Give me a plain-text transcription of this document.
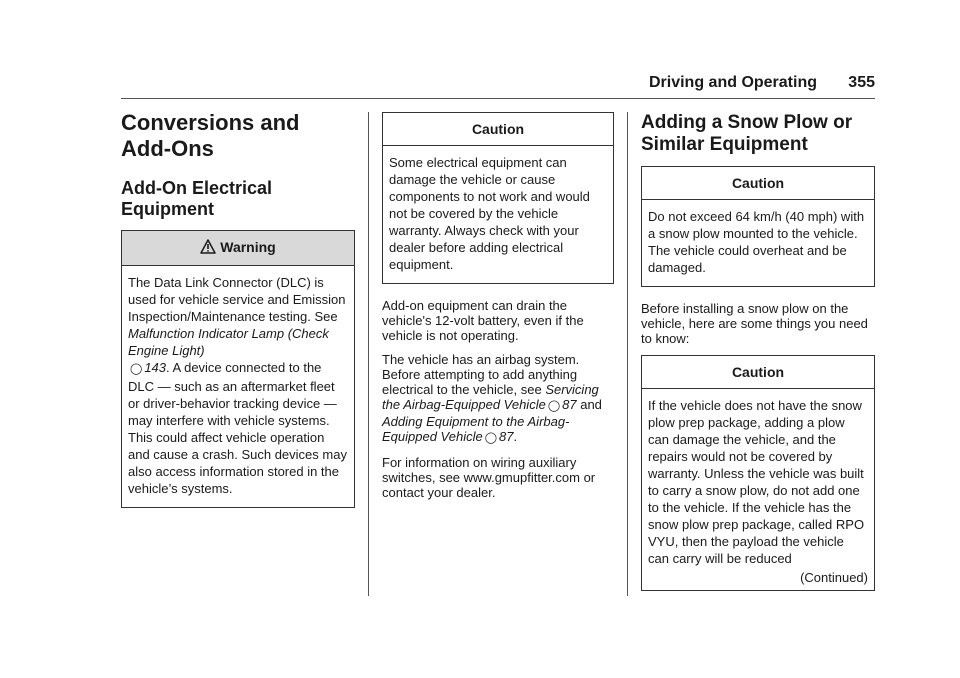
Driving and Operating 355
Conversions and
Add-Ons
Add-On Electrical
Equipment
Warning
The Data Link Connector (DLC) is used for vehicle service and Emission Inspection/Maintenance testing. See Malfunction Indicator Lamp (Check Engine Light)
◯ 143. A device connected to the DLC — such as an aftermarket fleet or driver-behavior tracking device — may interfere with vehicle systems. This could affect vehicle operation and cause a crash. Such devices may also access information stored in the vehicle’s systems.
Caution
Some electrical equipment can damage the vehicle or cause components to not work and would not be covered by the vehicle warranty. Always check with your dealer before adding electrical equipment.

Add-on equipment can drain the vehicle's 12-volt battery, even if the vehicle is not operating.

The vehicle has an airbag system. Before attempting to add anything electrical to the vehicle, see Servicing the Airbag-Equipped Vehicle ◯ 87 and Adding Equipment to the Airbag-Equipped Vehicle ◯ 87.

For information on wiring auxiliary switches, see www.gmupfitter.com or contact your dealer.

Adding a Snow Plow or
Similar Equipment
Caution
Do not exceed 64 km/h (40 mph) with a snow plow mounted to the vehicle. The vehicle could overheat and be damaged.

Before installing a snow plow on the vehicle, here are some things you need to know:

Caution
If the vehicle does not have the snow plow prep package, adding a plow can damage the vehicle, and the repairs would not be covered by warranty. Unless the vehicle was built to carry a snow plow, do not add one to the vehicle. If the vehicle has the snow plow prep package, called RPO VYU, then the payload the vehicle can carry will be reduced
(Continued)
